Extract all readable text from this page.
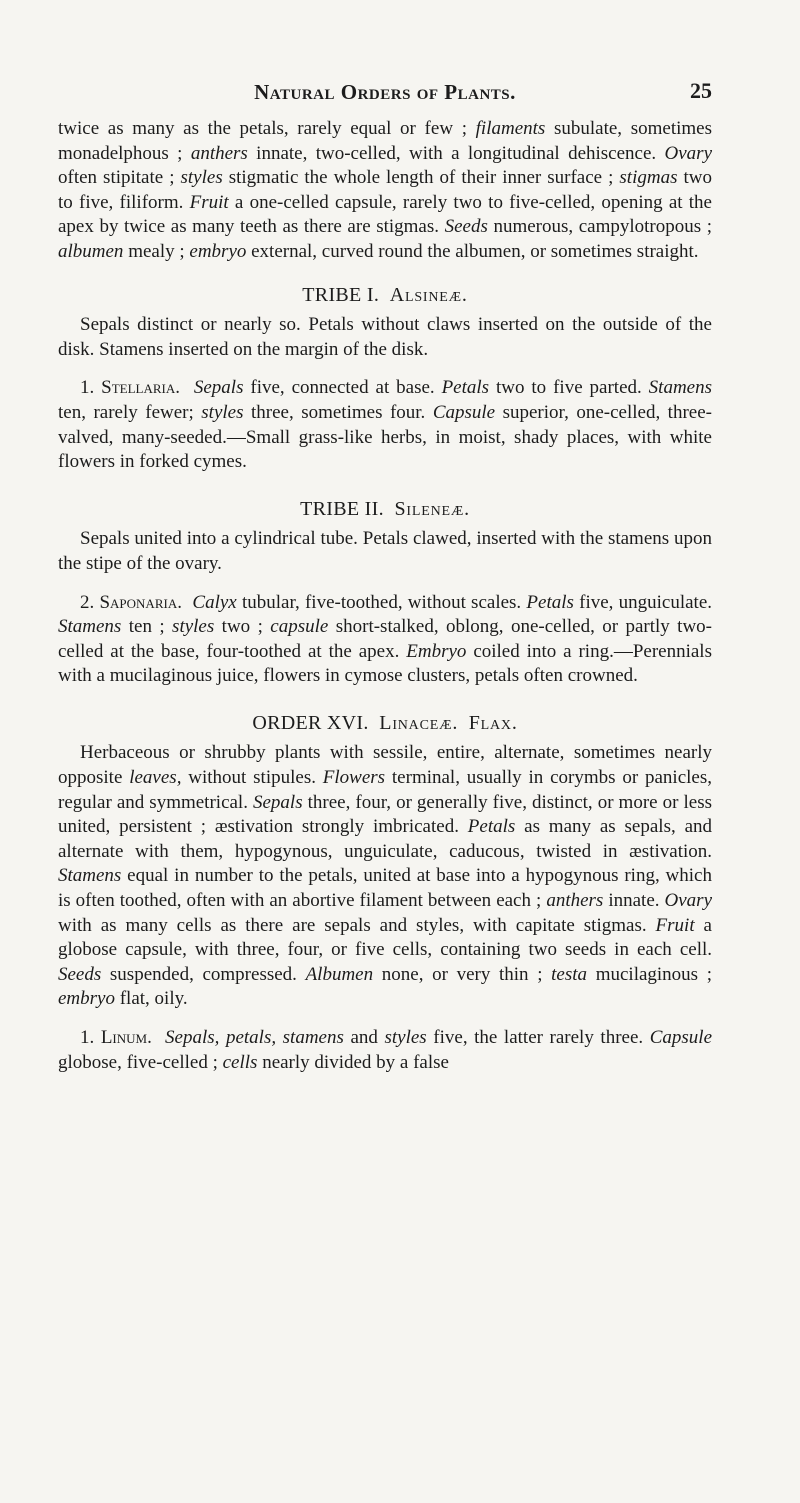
Natural Orders of Plants.	25

twice as many as the petals, rarely equal or few ; filaments subulate, sometimes monadelphous ; anthers innate, two-celled, with a longitudinal dehiscence. Ovary often stipitate ; styles stigmatic the whole length of their inner surface ; stigmas two to five, filiform. Fruit a one-celled capsule, rarely two to five-celled, opening at the apex by twice as many teeth as there are stigmas. Seeds numerous, campylotropous ; albumen mealy ; embryo external, curved round the albumen, or sometimes straight.

TRIBE I. Alsineæ.

Sepals distinct or nearly so. Petals without claws inserted on the outside of the disk. Stamens inserted on the margin of the disk.

1. Stellaria. Sepals five, connected at base. Petals two to five parted. Stamens ten, rarely fewer; styles three, sometimes four. Capsule superior, one-celled, three-valved, many-seeded.—Small grass-like herbs, in moist, shady places, with white flowers in forked cymes.

TRIBE II. Sileneæ.

Sepals united into a cylindrical tube. Petals clawed, inserted with the stamens upon the stipe of the ovary.

2. Saponaria. Calyx tubular, five-toothed, without scales. Petals five, unguiculate. Stamens ten ; styles two ; capsule short-stalked, oblong, one-celled, or partly two-celled at the base, four-toothed at the apex. Embryo coiled into a ring.—Perennials with a mucilaginous juice, flowers in cymose clusters, petals often crowned.

ORDER XVI. Linaceæ. Flax.

Herbaceous or shrubby plants with sessile, entire, alternate, sometimes nearly opposite leaves, without stipules. Flowers terminal, usually in corymbs or panicles, regular and symmetrical. Sepals three, four, or generally five, distinct, or more or less united, persistent ; æstivation strongly imbricated. Petals as many as sepals, and alternate with them, hypogynous, unguiculate, caducous, twisted in æstivation. Stamens equal in number to the petals, united at base into a hypogynous ring, which is often toothed, often with an abortive filament between each ; anthers innate. Ovary with as many cells as there are sepals and styles, with capitate stigmas. Fruit a globose capsule, with three, four, or five cells, containing two seeds in each cell. Seeds suspended, compressed. Albumen none, or very thin ; testa mucilaginous ; embryo flat, oily.

1. Linum. Sepals, petals, stamens and styles five, the latter rarely three. Capsule globose, five-celled ; cells nearly divided by a false
